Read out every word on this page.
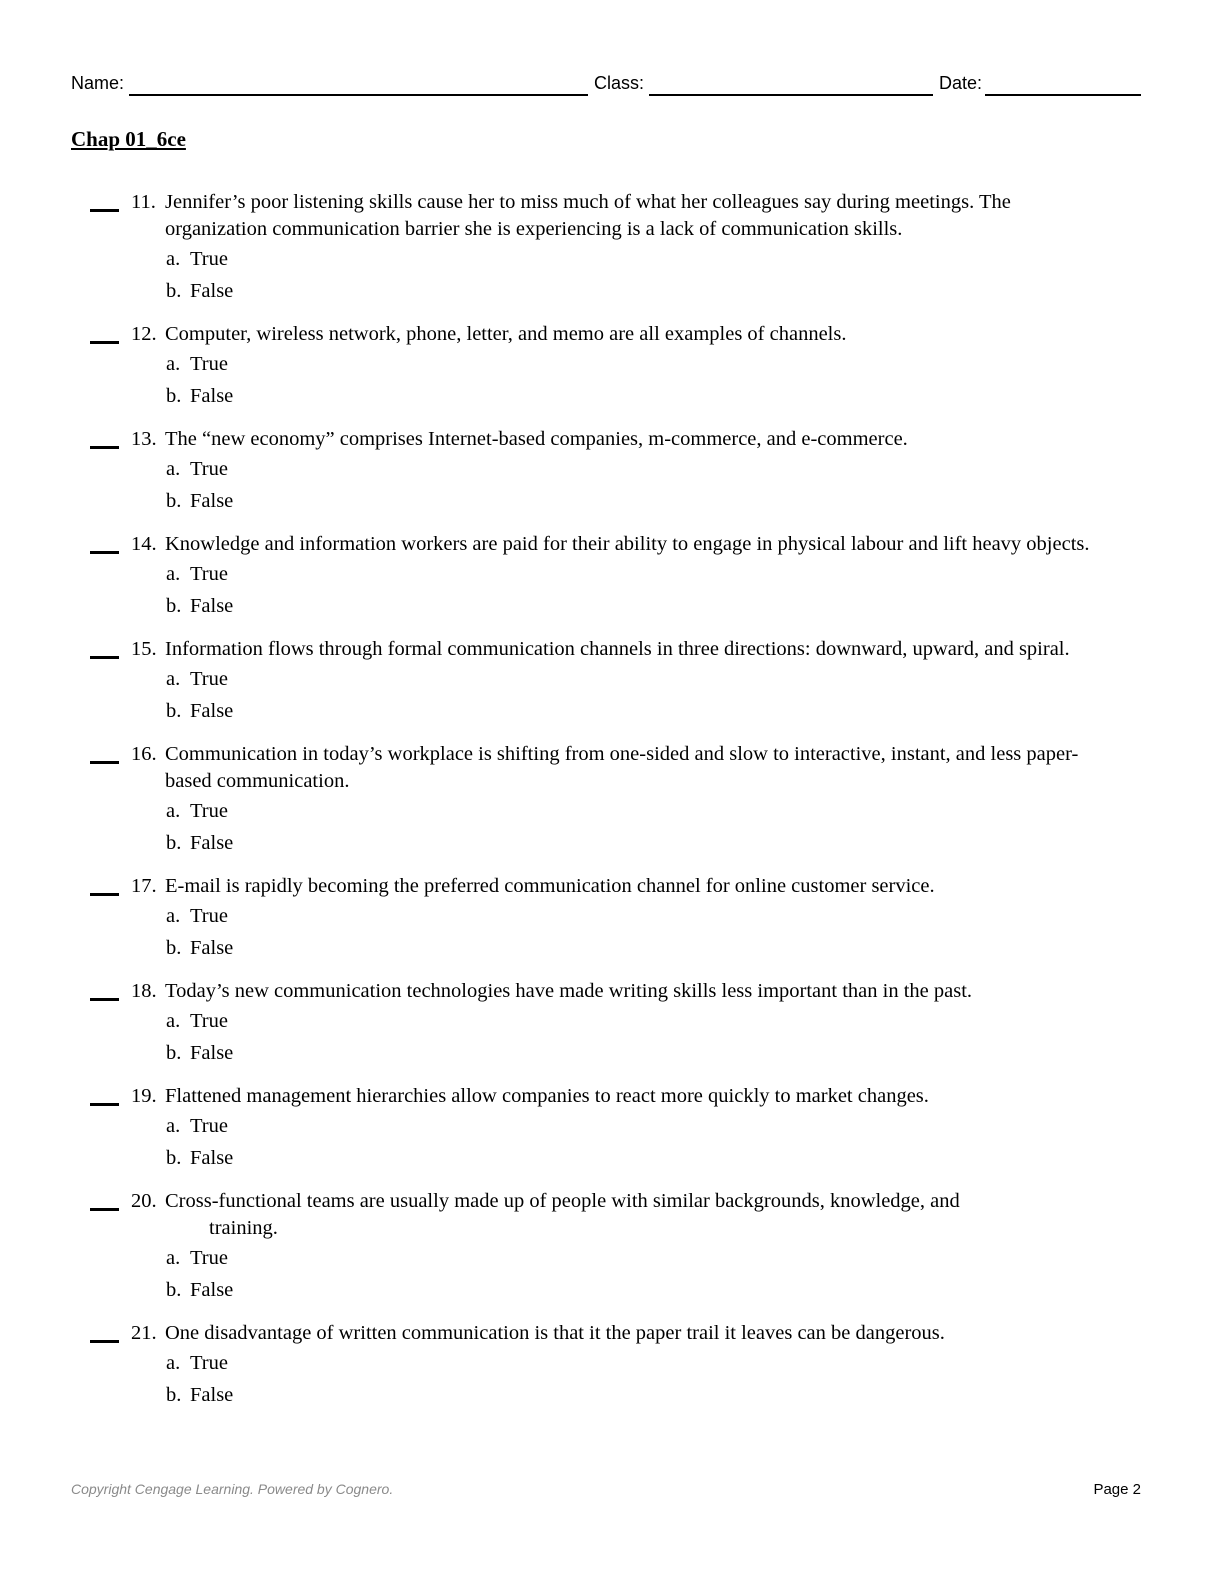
Name:	Class:	Date:
Chap 01_6ce
11. Jennifer’s poor listening skills cause her to miss much of what her colleagues say during meetings. The
organization communication barrier she is experiencing is a lack of communication skills.
a. True
b. False
12. Computer, wireless network, phone, letter, and memo are all examples of channels.
a. True
b. False
13. The “new economy” comprises Internet-based companies, m-commerce, and e-commerce.
a. True
b. False
14. Knowledge and information workers are paid for their ability to engage in physical labour and lift heavy objects.
a. True
b. False
15. Information flows through formal communication channels in three directions: downward, upward, and spiral.
a. True
b. False
16. Communication in today’s workplace is shifting from one-sided and slow to interactive, instant, and less paper-
based communication.
a. True
b. False
17. E-mail is rapidly becoming the preferred communication channel for online customer service.
a. True
b. False
18. Today’s new communication technologies have made writing skills less important than in the past.
a. True
b. False
19. Flattened management hierarchies allow companies to react more quickly to market changes.
a. True
b. False
20. Cross-functional teams are usually made up of people with similar backgrounds, knowledge, and
training.
a. True
b. False
21. One disadvantage of written communication is that it the paper trail it leaves can be dangerous.
a. True
b. False
Copyright Cengage Learning. Powered by Cognero.	Page 2
